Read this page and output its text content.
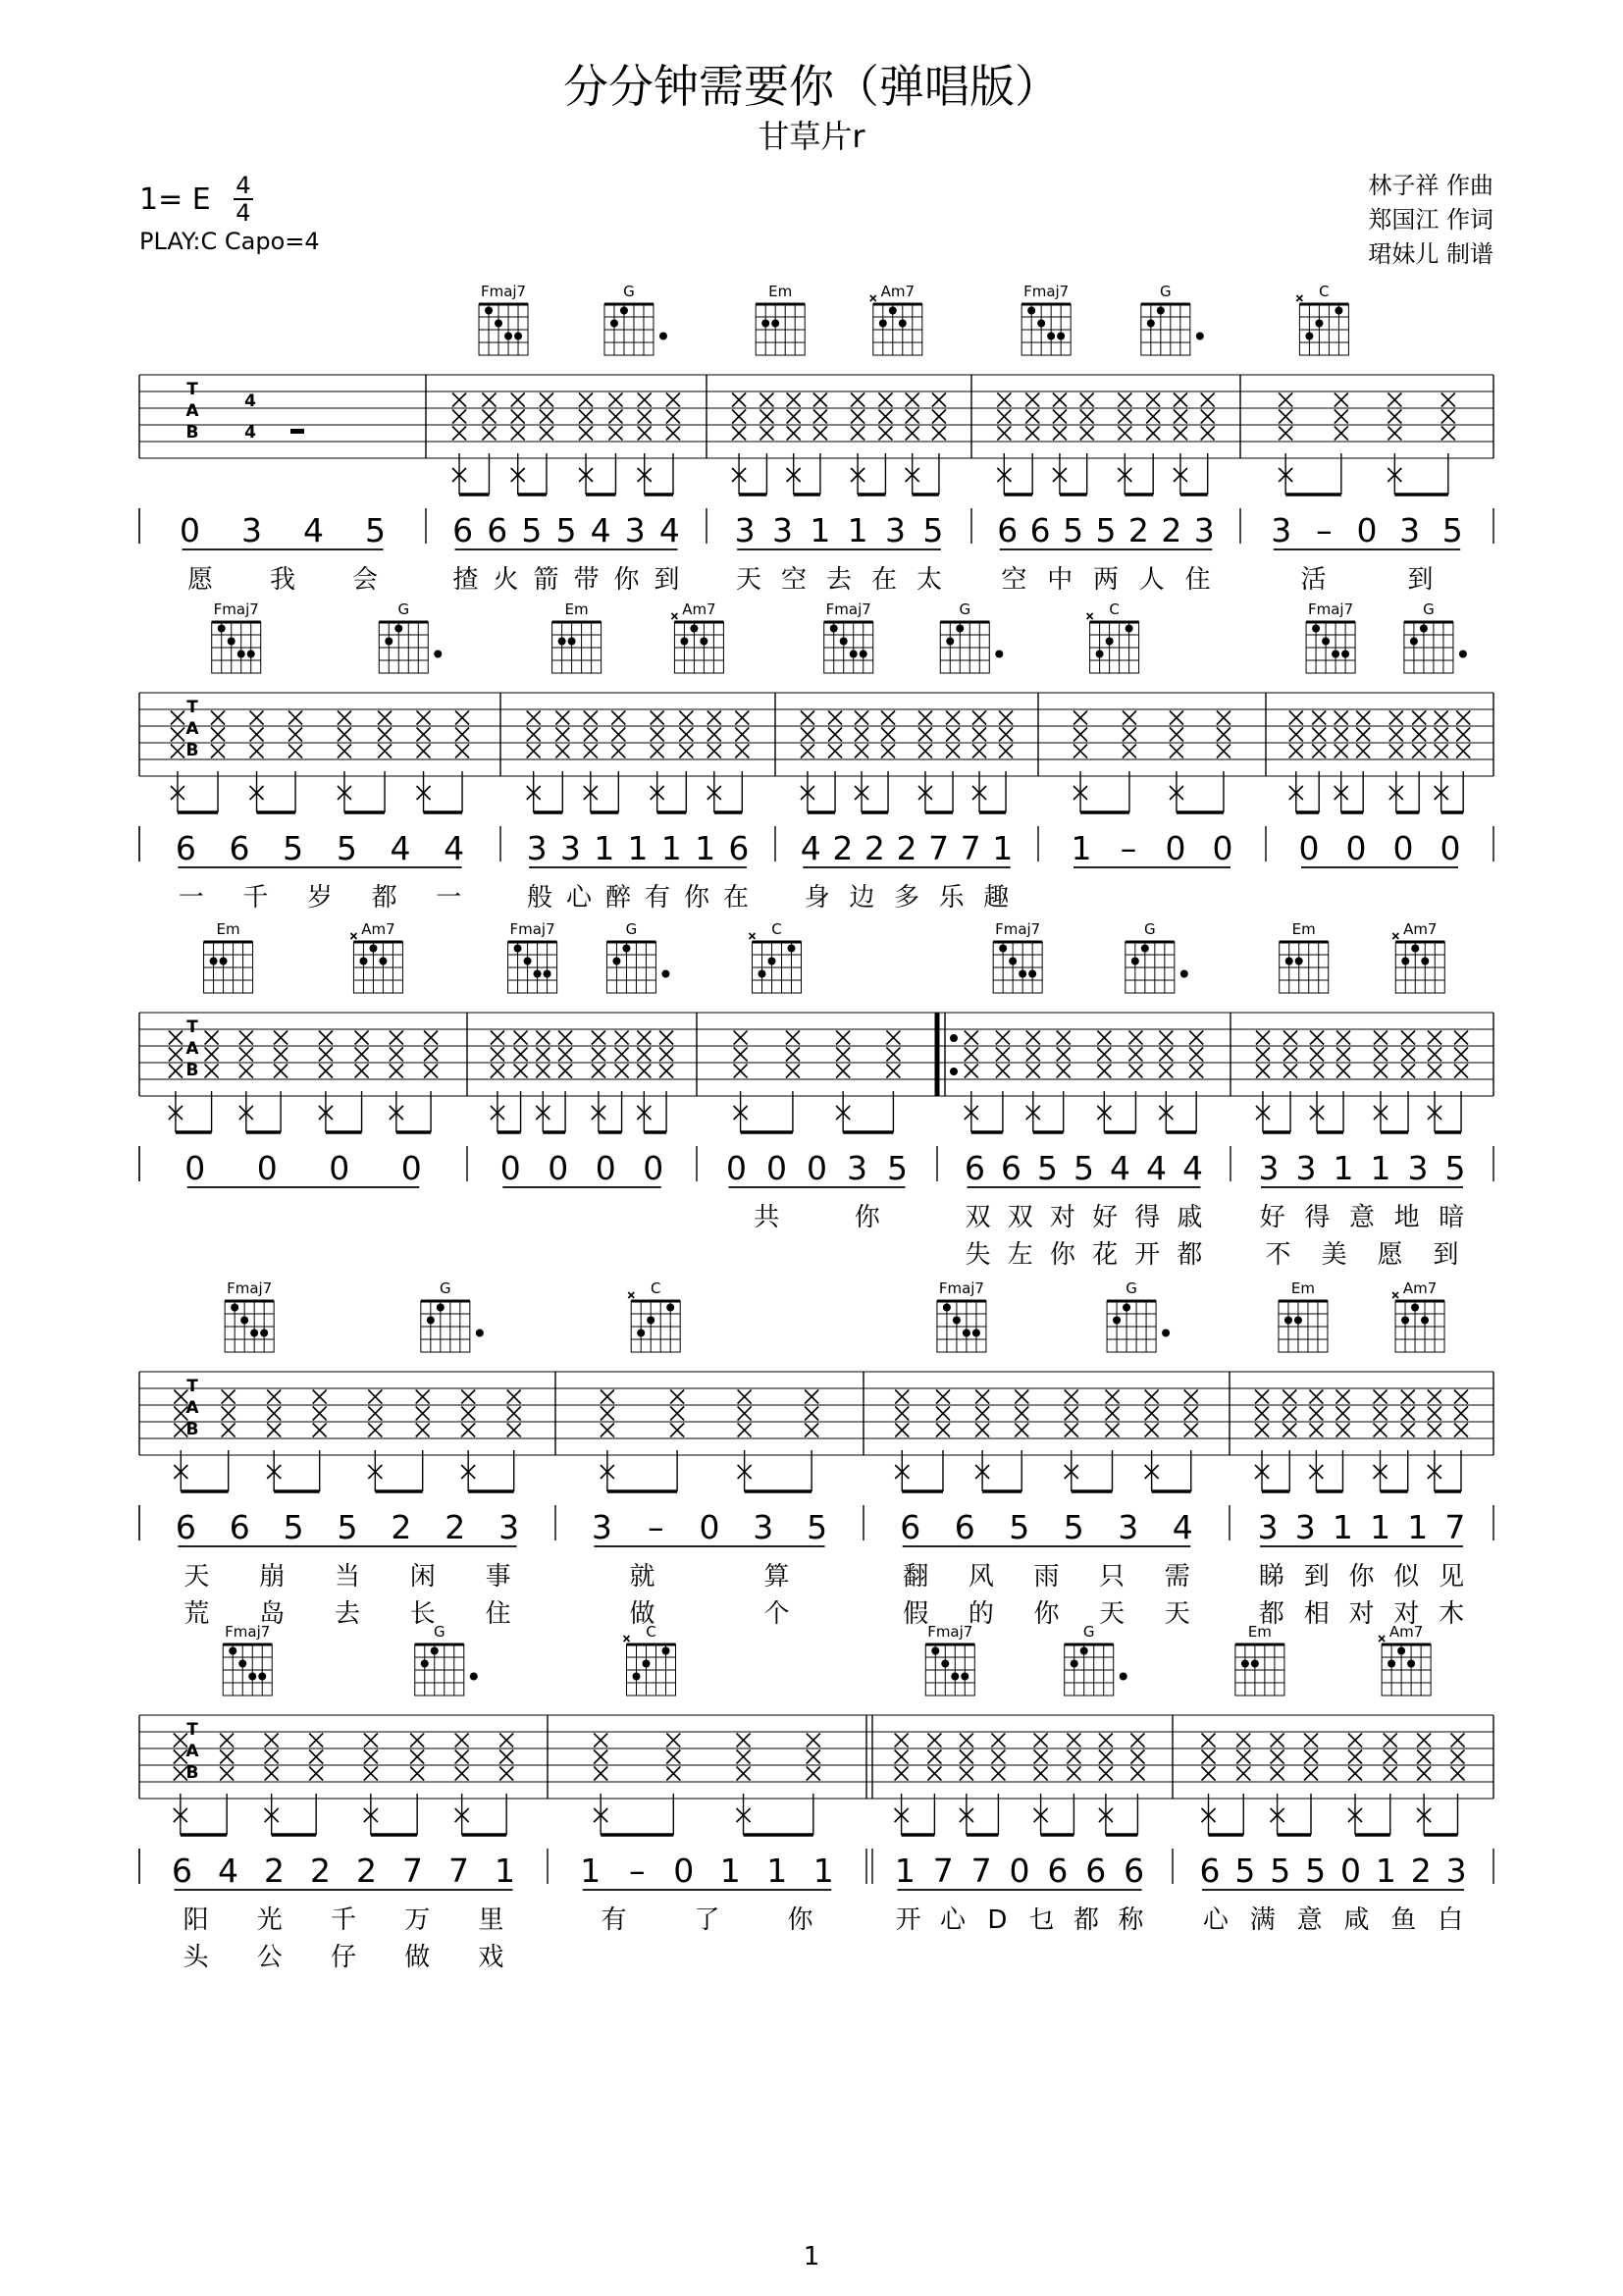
分分钟需要你（弹唱版）
甘草片r
1= E $\frac{4}{4}$
PLAY:C Capo=4
林子祥 作曲
郑国江 作词
珺妹儿 制谱
T
A
B
4
4
0 3 4 5
愿 我 会
Fmaj7	G
6 6 5 5 4 3 4
揸 火 箭 带 你 到
Em	Am7
3 3 1 1 3 5
天 空 去 在 太
Fmaj7	G
6 6 5 5 2 2 3
空 中 两 人 住
C
3 – 0 3 5
活	到
T
A
B
Fmaj7	G
6 6 5 5 4 4
一 千 岁 都 一
Em	Am7
3 3 1 1 1 1 6
般 心 醉 有 你 在
Fmaj7	G
4 2 2 2 7 7 1
身 边 多 乐 趣
C
1 – 0 0
Fmaj7	G
0 0 0 0
T
A
B
Em	Am7
0 0 0 0
Fmaj7	G
0 0 0 0
C
0 0 0 3 5
共	你
Fmaj7	G
6 6 5 5 4 4 4
双 双 对 好 得 戚
失 左 你 花 开 都
Em	Am7
3 3 1 1 3 5
好 得 意 地 暗
不 美 愿 到
T
A
B
Fmaj7	G
6 6 5 5 2 2 3
天 崩 当 闲 事
荒 岛 去 长 住
C
3 – 0 3 5
就	算
做	个
Fmaj7	G
6 6 5 5 3 4
翻 风 雨 只 需
假 的 你 天 天
Em	Am7
3 3 1 1 1 7
睇 到 你 似 见
都 相 对 对 木
T
A
B
Fmaj7	G
6 4 2 2 2 7 7 1
阳 光 千 万 里
头 公 仔 做 戏
C
1 – 0 1 1 1
有	了	你
Fmaj7	G
1 7 7 0 6 6 6
开 心 D 乜 都 称
Em	Am7
6 5 5 5 0 1 2 3
心 满 意 咸 鱼 白
1
